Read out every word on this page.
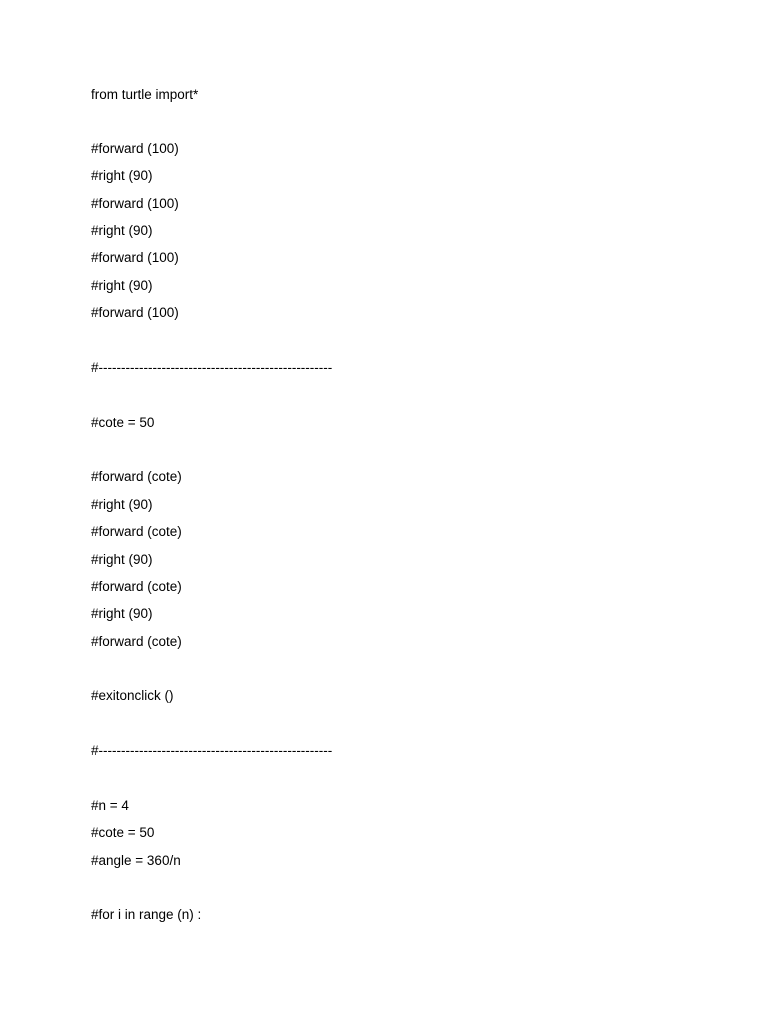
from turtle import*
#forward (100)
#right (90)
#forward (100)
#right (90)
#forward (100)
#right (90)
#forward (100)
#----------------------------------------------------
#cote = 50
#forward (cote)
#right (90)
#forward (cote)
#right (90)
#forward (cote)
#right (90)
#forward (cote)
#exitonclick ()
#----------------------------------------------------
#n = 4
#cote = 50
#angle = 360/n
#for i in range (n) :
